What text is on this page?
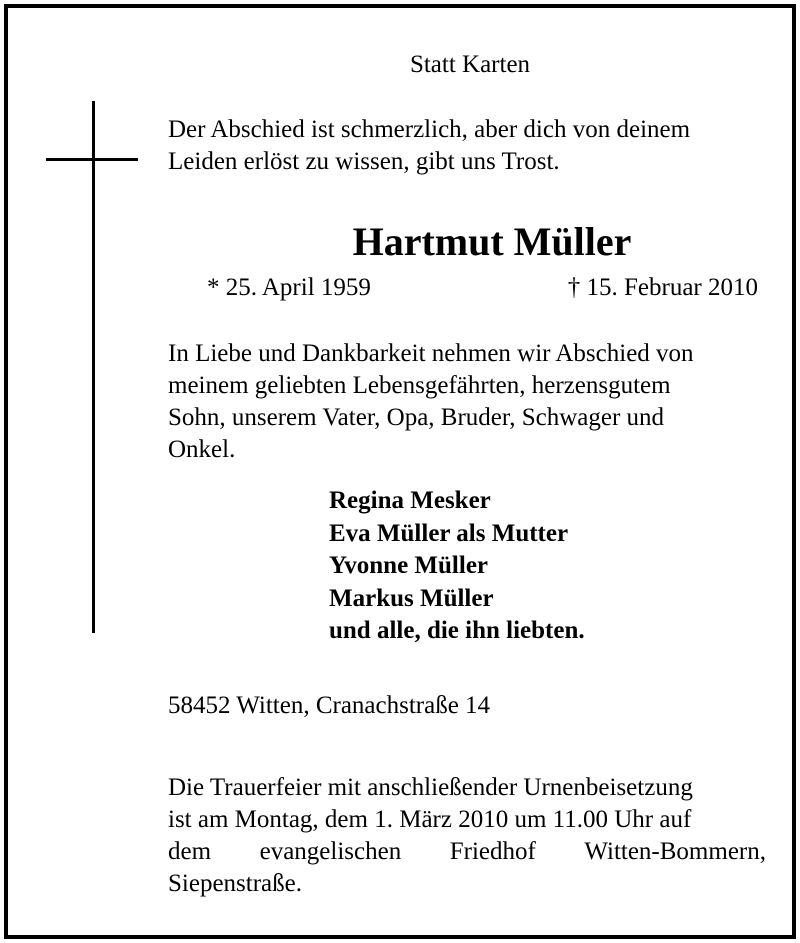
Statt Karten
Der Abschied ist schmerzlich, aber dich von deinem
Leiden erlöst zu wissen, gibt uns Trost.
Hartmut Müller
* 25. April 1959	† 15. Februar 2010
In Liebe und Dankbarkeit nehmen wir Abschied von
meinem geliebten Lebensgefährten, herzensgutem
Sohn, unserem Vater, Opa, Bruder, Schwager und
Onkel.
Regina Mesker
Eva Müller als Mutter
Yvonne Müller
Markus Müller
und alle, die ihn liebten.
58452 Witten, Cranachstraße 14
Die Trauerfeier mit anschließender Urnenbeisetzung
ist am Montag, dem 1. März 2010 um 11.00 Uhr auf
dem evangelischen Friedhof Witten-Bommern,
Siepenstraße.
